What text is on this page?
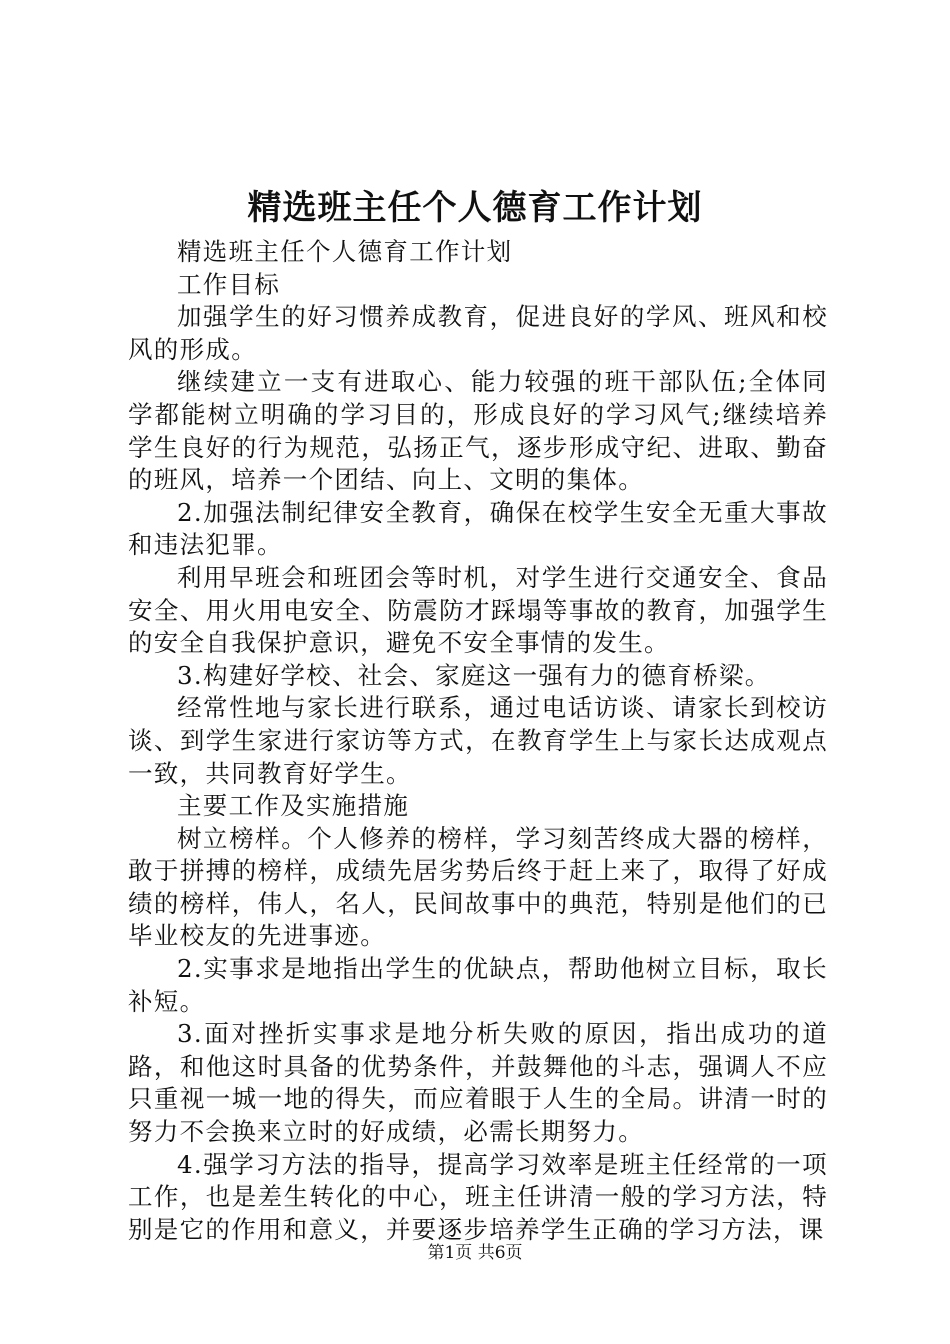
精选班主任个人德育工作计划

精选班主任个人德育工作计划

工作目标

加强学生的好习惯养成教育，促进良好的学风、班风和校风的形成。

继续建立一支有进取心、能力较强的班干部队伍;全体同学都能树立明确的学习目的，形成良好的学习风气;继续培养学生良好的行为规范，弘扬正气，逐步形成守纪、进取、勤奋的班风，培养一个团结、向上、文明的集体。

2.加强法制纪律安全教育，确保在校学生安全无重大事故和违法犯罪。

利用早班会和班团会等时机，对学生进行交通安全、食品安全、用火用电安全、防震防才踩塌等事故的教育，加强学生的安全自我保护意识，避免不安全事情的发生。

3.构建好学校、社会、家庭这一强有力的德育桥梁。

经常性地与家长进行联系，通过电话访谈、请家长到校访谈、到学生家进行家访等方式，在教育学生上与家长达成观点一致，共同教育好学生。

主要工作及实施措施

树立榜样。个人修养的榜样，学习刻苦终成大器的榜样，敢于拼搏的榜样，成绩先居劣势后终于赶上来了，取得了好成绩的榜样，伟人，名人，民间故事中的典范，特别是他们的已毕业校友的先进事迹。

2.实事求是地指出学生的优缺点，帮助他树立目标，取长补短。

3.面对挫折实事求是地分析失败的原因，指出成功的道路，和他这时具备的优势条件，并鼓舞他的斗志，强调人不应只重视一城一地的得失，而应着眼于人生的全局。讲清一时的努力不会换来立时的好成绩，必需长期努力。

4.强学习方法的指导，提高学习效率是班主任经常的一项工作，也是差生转化的中心，班主任讲清一般的学习方法，特别是它的作用和意义，并要逐步培养学生正确的学习方法，课

第1页 共6页
